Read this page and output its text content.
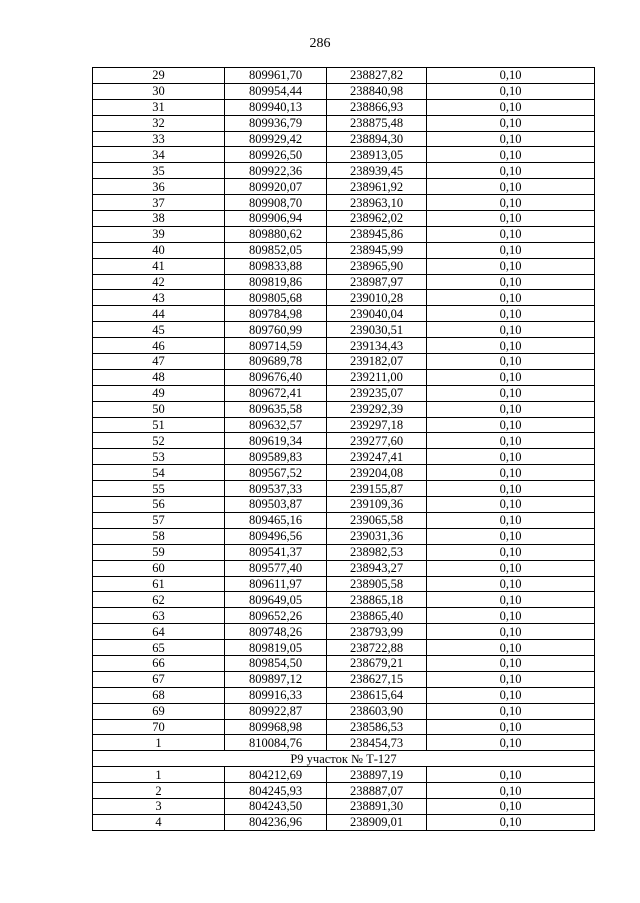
286
29	809961,70	238827,82	0,10
30	809954,44	238840,98	0,10
31	809940,13	238866,93	0,10
32	809936,79	238875,48	0,10
33	809929,42	238894,30	0,10
34	809926,50	238913,05	0,10
35	809922,36	238939,45	0,10
36	809920,07	238961,92	0,10
37	809908,70	238963,10	0,10
38	809906,94	238962,02	0,10
39	809880,62	238945,86	0,10
40	809852,05	238945,99	0,10
41	809833,88	238965,90	0,10
42	809819,86	238987,97	0,10
43	809805,68	239010,28	0,10
44	809784,98	239040,04	0,10
45	809760,99	239030,51	0,10
46	809714,59	239134,43	0,10
47	809689,78	239182,07	0,10
48	809676,40	239211,00	0,10
49	809672,41	239235,07	0,10
50	809635,58	239292,39	0,10
51	809632,57	239297,18	0,10
52	809619,34	239277,60	0,10
53	809589,83	239247,41	0,10
54	809567,52	239204,08	0,10
55	809537,33	239155,87	0,10
56	809503,87	239109,36	0,10
57	809465,16	239065,58	0,10
58	809496,56	239031,36	0,10
59	809541,37	238982,53	0,10
60	809577,40	238943,27	0,10
61	809611,97	238905,58	0,10
62	809649,05	238865,18	0,10
63	809652,26	238865,40	0,10
64	809748,26	238793,99	0,10
65	809819,05	238722,88	0,10
66	809854,50	238679,21	0,10
67	809897,12	238627,15	0,10
68	809916,33	238615,64	0,10
69	809922,87	238603,90	0,10
70	809968,98	238586,53	0,10
1	810084,76	238454,73	0,10
Р9 участок № Т-127			
1	804212,69	238897,19	0,10
2	804245,93	238887,07	0,10
3	804243,50	238891,30	0,10
4	804236,96	238909,01	0,10
